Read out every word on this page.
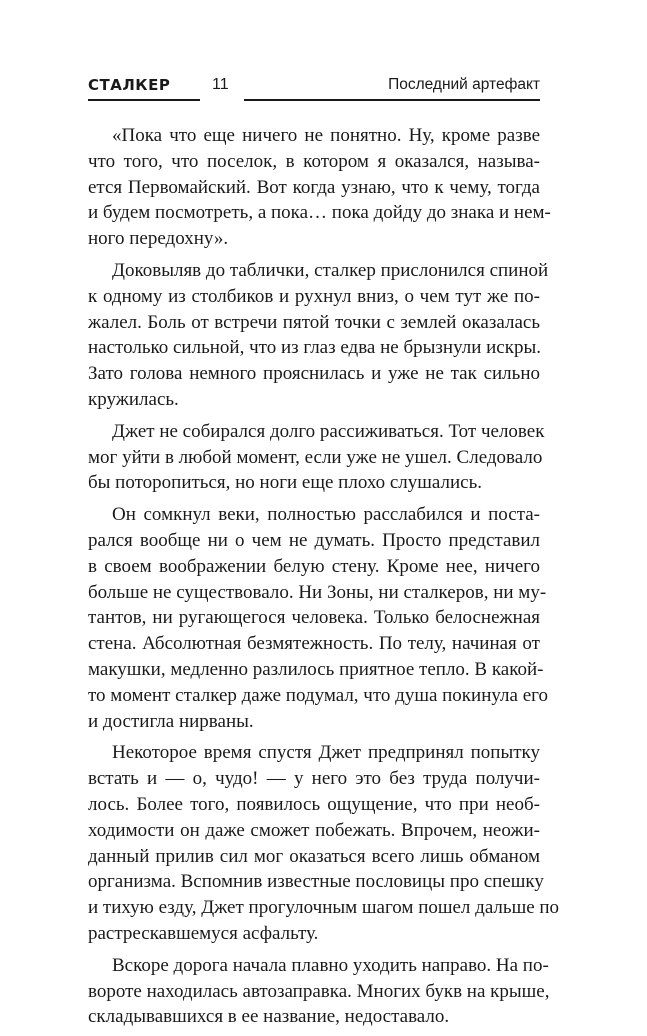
СТАЛКЕР	11	Последний артефакт

«Пока что еще ничего не понятно. Ну, кроме разве
что того, что поселок, в котором я оказался, называ-
ется Первомайский. Вот когда узнаю, что к чему, тогда
и будем посмотреть, а пока… пока дойду до знака и нем-
ного передохну».

Доковыляв до таблички, сталкер прислонился спиной
к одному из столбиков и рухнул вниз, о чем тут же по-
жалел. Боль от встречи пятой точки с землей оказалась
настолько сильной, что из глаз едва не брызнули искры.
Зато голова немного прояснилась и уже не так сильно
кружилась.

Джет не собирался долго рассиживаться. Тот человек
мог уйти в любой момент, если уже не ушел. Следовало
бы поторопиться, но ноги еще плохо слушались.

Он сомкнул веки, полностью расслабился и поста-
рался вообще ни о чем не думать. Просто представил
в своем воображении белую стену. Кроме нее, ничего
больше не существовало. Ни Зоны, ни сталкеров, ни му-
тантов, ни ругающегося человека. Только белоснежная
стена. Абсолютная безмятежность. По телу, начиная от
макушки, медленно разлилось приятное тепло. В какой-
то момент сталкер даже подумал, что душа покинула его
и достигла нирваны.

Некоторое время спустя Джет предпринял попытку
встать и — о, чудо! — у него это без труда получи-
лось. Более того, появилось ощущение, что при необ-
ходимости он даже сможет побежать. Впрочем, неожи-
данный прилив сил мог оказаться всего лишь обманом
организма. Вспомнив известные пословицы про спешку
и тихую езду, Джет прогулочным шагом пошел дальше по
растрескавшемуся асфальту.

Вскоре дорога начала плавно уходить направо. На по-
вороте находилась автозаправка. Многих букв на крыше,
складывавшихся в ее название, недоставало.
